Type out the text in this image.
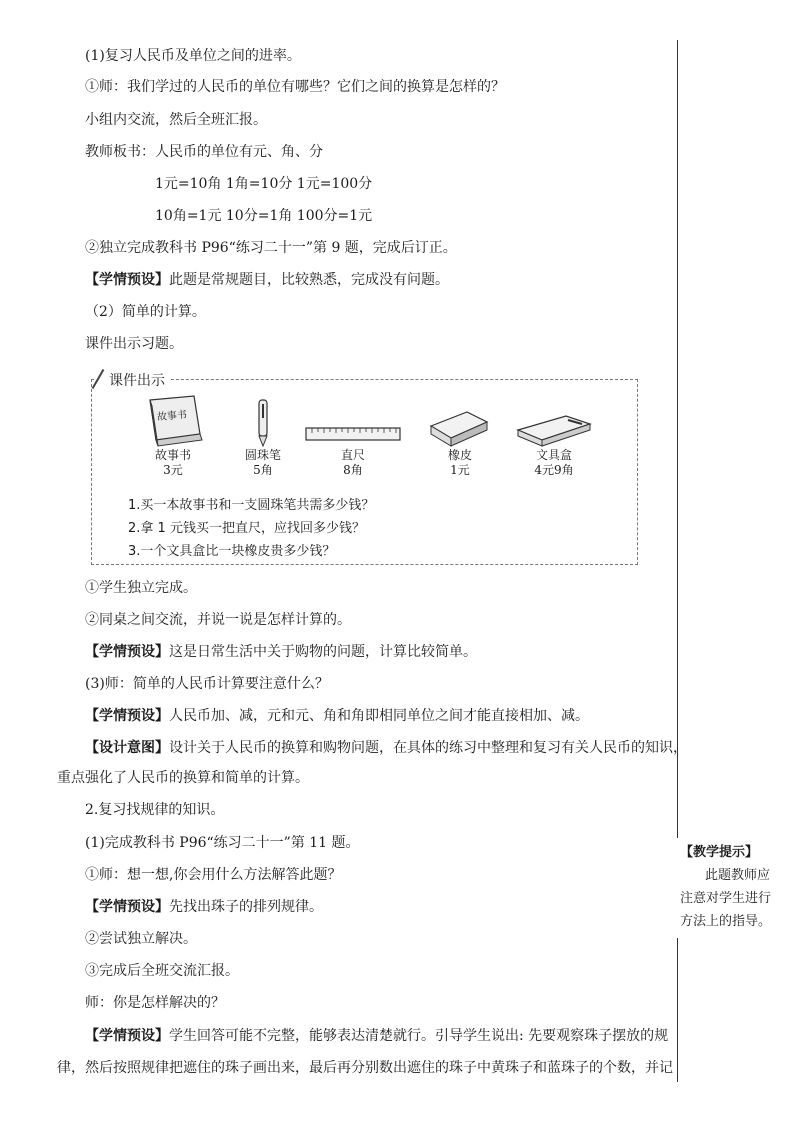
(1)复习人民币及单位之间的进率。
①师：我们学过的人民币的单位有哪些？它们之间的换算是怎样的？
小组内交流，然后全班汇报。
教师板书：人民币的单位有元、角、分
1元=10角 1角=10分 1元=100分
10角=1元 10分=1角 100分=1元
②独立完成教科书 P96“练习二十一”第 9 题，完成后订正。
【学情预设】此题是常规题目，比较熟悉，完成没有问题。
（2）简单的计算。
课件出示习题。
课件出示
故事书
故事书
3元
圆珠笔
5角
直尺
8角
橡皮
1元
文具盒
4元9角
1.买一本故事书和一支圆珠笔共需多少钱？
2.拿 1 元钱买一把直尺，应找回多少钱？
3.一个文具盒比一块橡皮贵多少钱？
①学生独立完成。
②同桌之间交流，并说一说是怎样计算的。
【学情预设】这是日常生活中关于购物的问题，计算比较简单。
(3)师：简单的人民币计算要注意什么？
【学情预设】人民币加、减，元和元、角和角即相同单位之间才能直接相加、减。
【设计意图】设计关于人民币的换算和购物问题，在具体的练习中整理和复习有关人民币的知识，
重点强化了人民币的换算和简单的计算。
2.复习找规律的知识。
(1)完成教科书 P96“练习二十一”第 11 题。
①师：想一想,你会用什么方法解答此题？
【学情预设】先找出珠子的排列规律。
②尝试独立解决。
③完成后全班交流汇报。
师：你是怎样解决的？
【学情预设】学生回答可能不完整，能够表达清楚就行。引导学生说出: 先要观察珠子摆放的规
律，然后按照规律把遮住的珠子画出来，最后再分别数出遮住的珠子中黄珠子和蓝珠子的个数，并记
【教学提示】
此题教师应
注意对学生进行
方法上的指导。
